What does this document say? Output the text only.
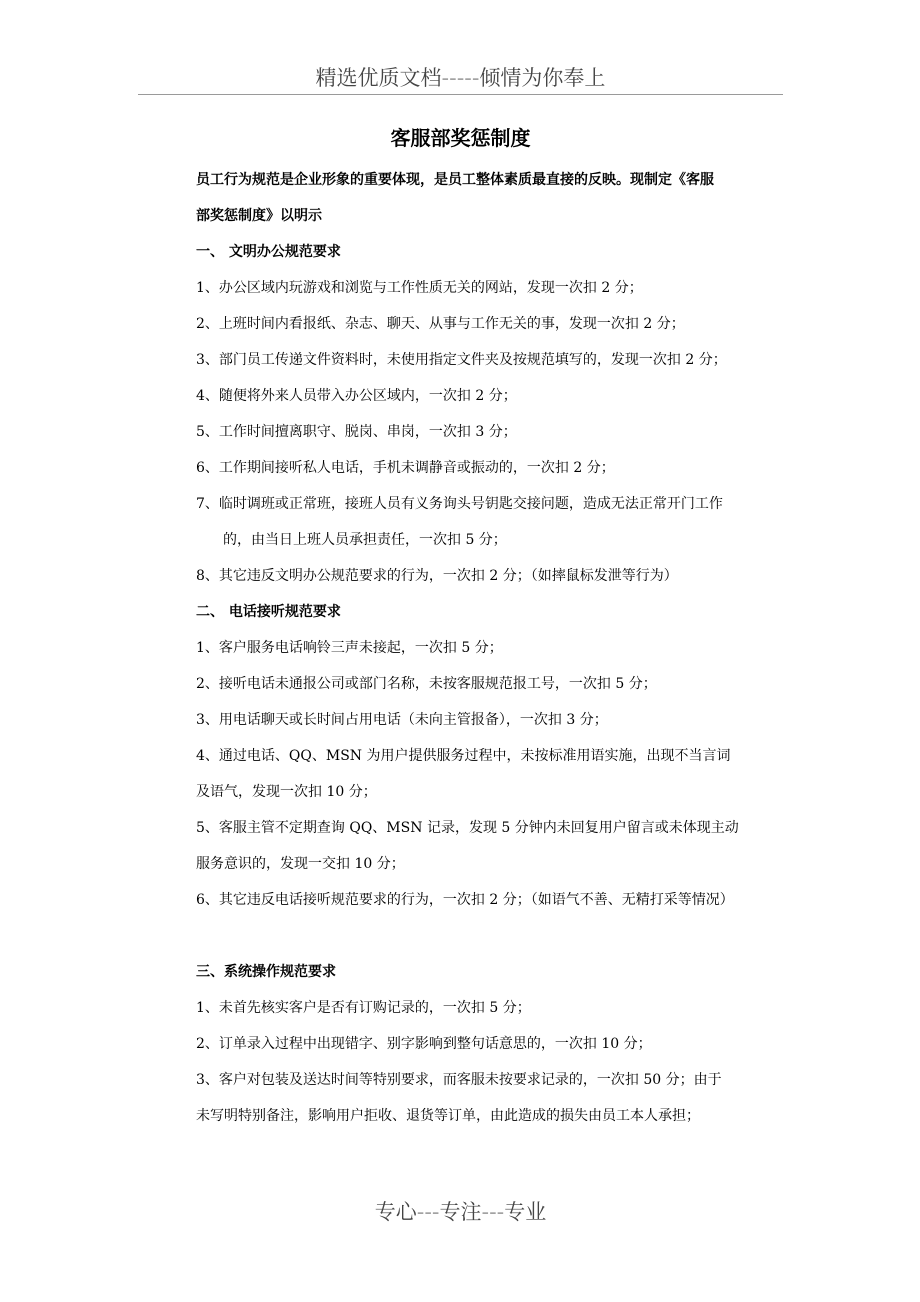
精选优质文档-----倾情为你奉上
客服部奖惩制度
员工行为规范是企业形象的重要体现，是员工整体素质最直接的反映。现制定《客服
部奖惩制度》以明示
一、 文明办公规范要求
1、办公区域内玩游戏和浏览与工作性质无关的网站，发现一次扣 2 分；
2、上班时间内看报纸、杂志、聊天、从事与工作无关的事，发现一次扣 2 分；
3、部门员工传递文件资料时，未使用指定文件夹及按规范填写的，发现一次扣 2 分；
4、随便将外来人员带入办公区域内，一次扣 2 分；
5、工作时间擅离职守、脱岗、串岗，一次扣 3 分；
6、工作期间接听私人电话，手机未调静音或振动的，一次扣 2 分；
7、临时调班或正常班，接班人员有义务询头号钥匙交接问题，造成无法正常开门工作
的，由当日上班人员承担责任，一次扣 5 分；
8、其它违反文明办公规范要求的行为，一次扣 2 分；（如摔鼠标发泄等行为）
二、 电话接听规范要求
1、客户服务电话响铃三声未接起，一次扣 5 分；
2、接听电话未通报公司或部门名称，未按客服规范报工号，一次扣 5 分；
3、用电话聊天或长时间占用电话（未向主管报备），一次扣 3 分；
4、通过电话、QQ、MSN 为用户提供服务过程中，未按标准用语实施，出现不当言词
及语气，发现一次扣 10 分；
5、客服主管不定期查询 QQ、MSN 记录，发现 5 分钟内未回复用户留言或未体现主动
服务意识的，发现一交扣 10 分；
6、其它违反电话接听规范要求的行为，一次扣 2 分；（如语气不善、无精打采等情况）
三、系统操作规范要求
1、未首先核实客户是否有订购记录的，一次扣 5 分；
2、订单录入过程中出现错字、别字影响到整句话意思的，一次扣 10 分；
3、客户对包装及送达时间等特别要求，而客服未按要求记录的，一次扣 50 分；由于
未写明特别备注，影响用户拒收、退货等订单，由此造成的损失由员工本人承担；
专心---专注---专业
